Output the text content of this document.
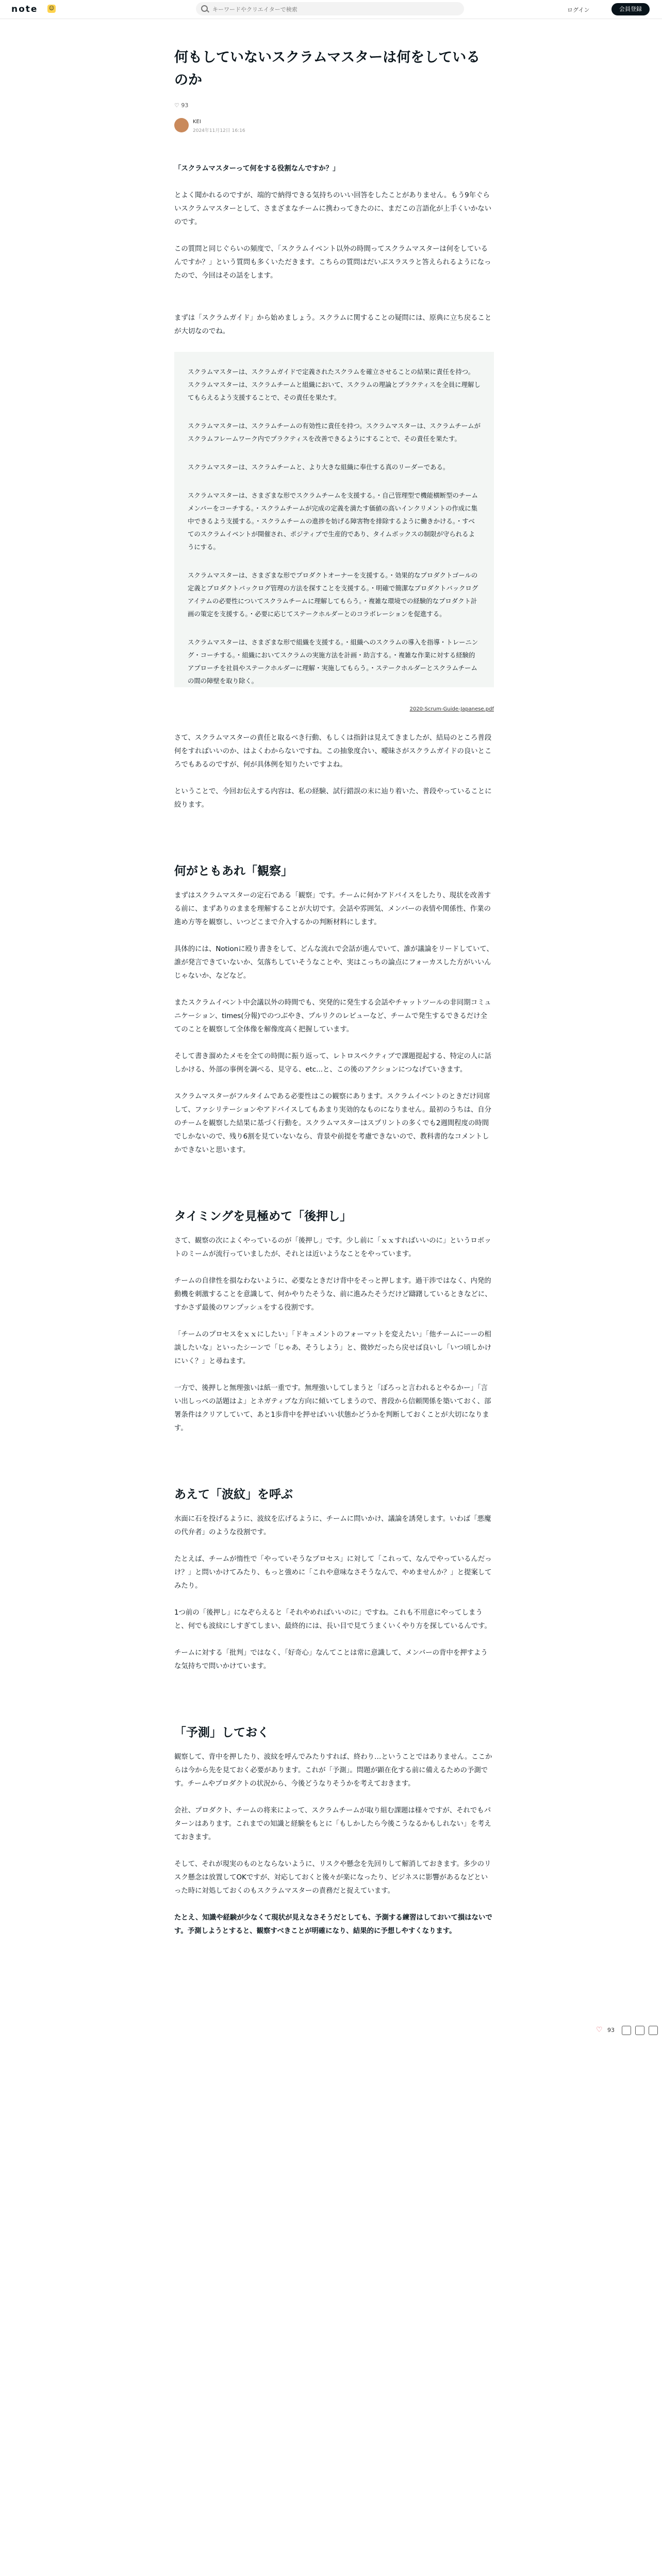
note ☺
キーワードやクリエイターで検索	ログイン	会員登録
♡ 93
何もしていないスクラムマスターは何をしているのか
♡ 93
KEI
2024年11月12日 16:16

「スクラムマスターって何をする役割なんですか？」

とよく聞かれるのですが、端的で納得できる気持ちのいい回答をしたことがありません。もう9年ぐらいスクラムマスターとして、さまざまなチームに携わってきたのに、まだこの言語化が上手くいかないのです。

この質問と同じぐらいの頻度で、「スクラムイベント以外の時間ってスクラムマスターは何をしているんですか？」という質問も多くいただきます。こちらの質問はだいぶスラスラと答えられるようになったので、今回はその話をします。

まずは「スクラムガイド」から始めましょう。スクラムに関することの疑問には、原典に立ち戻ることが大切なのでね。

スクラムマスターは、スクラムガイドで定義されたスクラムを確立させることの結果に責任を持つ。スクラムマスターは、スクラムチームと組織において、スクラムの理論とプラクティスを全員に理解してもらえるよう支援することで、その責任を果たす。

スクラムマスターは、スクラムチームの有効性に責任を持つ。スクラムマスターは、スクラムチームがスクラムフレームワーク内でプラクティスを改善できるようにすることで、その責任を果たす。

スクラムマスターは、スクラムチームと、より大きな組織に奉仕する真のリーダーである。

スクラムマスターは、さまざまな形でスクラムチームを支援する。・自己管理型で機能横断型のチームメンバーをコーチする。・スクラムチームが完成の定義を満たす価値の高いインクリメントの作成に集中できるよう支援する。・スクラムチームの進捗を妨げる障害物を排除するように働きかける。・すべてのスクラムイベントが開催され、ポジティブで生産的であり、タイムボックスの制限が守られるようにする。

スクラムマスターは、さまざまな形でプロダクトオーナーを支援する。・効果的なプロダクトゴールの定義とプロダクトバックログ管理の方法を探すことを支援する。・明確で簡潔なプロダクトバックログアイテムの必要性についてスクラムチームに理解してもらう。・複雑な環境での経験的なプロダクト計画の策定を支援する。・必要に応じてステークホルダーとのコラボレーションを促進する。

スクラムマスターは、さまざまな形で組織を支援する。・組織へのスクラムの導入を指導・トレーニング・コーチする。・組織においてスクラムの実施方法を計画・助言する。・複雑な作業に対する経験的アプローチを社員やステークホルダーに理解・実施してもらう。・ステークホルダーとスクラムチームの間の障壁を取り除く。

2020-Scrum-Guide-Japanese.pdf

さて、スクラムマスターの責任と取るべき行動、もしくは指針は見えてきましたが、結局のところ普段何をすればいいのか、はよくわからないですね。この抽象度合い、曖昧さがスクラムガイドの良いところでもあるのですが、何が具体例を知りたいですよね。

ということで、今回お伝えする内容は、私の経験、試行錯誤の末に辿り着いた、普段やっていることに絞ります。

何がともあれ「観察」

まずはスクラムマスターの定石である「観察」です。チームに何かアドバイスをしたり、現状を改善する前に、まずありのままを理解することが大切です。会話や雰囲気、メンバーの表情や関係性、作業の進め方等を観察し、いつどこまで介入するかの判断材料にします。

具体的には、Notionに殴り書きをして、どんな流れで会話が進んでいて、誰が議論をリードしていて、誰が発言できていないか、気落ちしていそうなことや、実はこっちの論点にフォーカスした方がいいんじゃないか、などなど。

またスクラムイベント中会議以外の時間でも、突発的に発生する会話やチャットツールの非同期コミュニケーション、times(分報)でのつぶやき、プルリクのレビューなど、チームで発生するできるだけ全てのことを観察して全体像を解像度高く把握しています。

そして書き溜めたメモを全ての時間に振り返って、レトロスペクティブで課題提起する、特定の人に話しかける、外部の事例を調べる、見守る、etc...と、この後のアクションにつなげていきます。

スクラムマスターがフルタイムである必要性はこの観察にあります。スクラムイベントのときだけ同席して、ファシリテーションやアドバイスしてもあまり実効的なものになりません。最初のうちは、自分のチームを観察した結果に基づく行動を。スクラムマスターはスプリントの多くでも2週間程度の時間でしかないので、残り6割を見ていないなら、背景や前提を考慮できないので、教科書的なコメントしかできないと思います。

タイミングを見極めて「後押し」

さて、観察の次によくやっているのが「後押し」です。少し前に「ｘｘすればいいのに」というロボットのミームが流行っていましたが、それとは近いようなことをやっています。

チームの自律性を損なわないように、必要なときだけ背中をそっと押します。過干渉ではなく、内発的動機を刺激することを意識して、何かやりたそうな、前に進みたそうだけど躊躇しているときなどに、すかさず最後のワンプッシュをする役割です。

「チームのプロセスをｘｘにしたい」「ドキュメントのフォーマットを変えたい」「他チームにーーの相談したいな」といったシーンで「じゃあ、そうしよう」と、微妙だったら戻せば良いし「いつ頃しかけにいく？」と尋ねます。

一方で、後押しと無理強いは紙一重です。無理強いしてしまうと「ぼろっと言われるとやるかー」「言い出しっぺの話題はよ」とネガティブな方向に傾いてしまうので、普段から信頼関係を築いておく、部署条件はクリアしていて、あと1歩背中を押せばいい状態かどうかを判断しておくことが大切になります。

あえて「波紋」を呼ぶ

水面に石を投げるように、波紋を広げるように、チームに問いかけ、議論を誘発します。いわば「悪魔の代弁者」のような役割です。

たとえば、チームが惰性で「やっていそうなプロセス」に対して「これって、なんでやっているんだっけ？」と問いかけてみたり、もっと強めに「これや意味なさそうなんで、やめませんか？」と提案してみたり。

1つ前の「後押し」になぞらえると「それやめればいいのに」ですね。これも不用意にやってしまうと、何でも波紋にしすぎてしまい、最終的には、長い目で見てうまくいくやり方を探しているんです。

チームに対する「批判」ではなく、「好奇心」なんてことは常に意識して、メンバーの背中を押すような気持ちで問いかけています。

「予測」しておく

観察して、背中を押したり、波紋を呼んでみたりすれば、終わり…ということではありません。ここからは今から先を見ておく必要があります。これが「予測」。問題が顕在化する前に備えるための予測です。チームやプロダクトの状況から、今後どうなりそうかを考えておきます。

会社、プロダクト、チームの将来によって、スクラムチームが取り組む課題は様々ですが、それでもパターンはあります。これまでの知識と経験をもとに「もしかしたら今後こうなるかもしれない」を考えておきます。

そして、それが現実のものとならないように、リスクや懸念を先回りして解消しておきます。多少のリスク懸念は放置してOKですが、対応しておくと後々が楽になったり、ビジネスに影響があるなどといった時に対処しておくのもスクラムマスターの責務だと捉えています。

たとえ、知識や経験が少なくて現状が見えなさそうだとしても、予測する練習はしておいて損はないです。予測しようとすると、観察すべきことが明確になり、結果的に予想しやすくなります。
